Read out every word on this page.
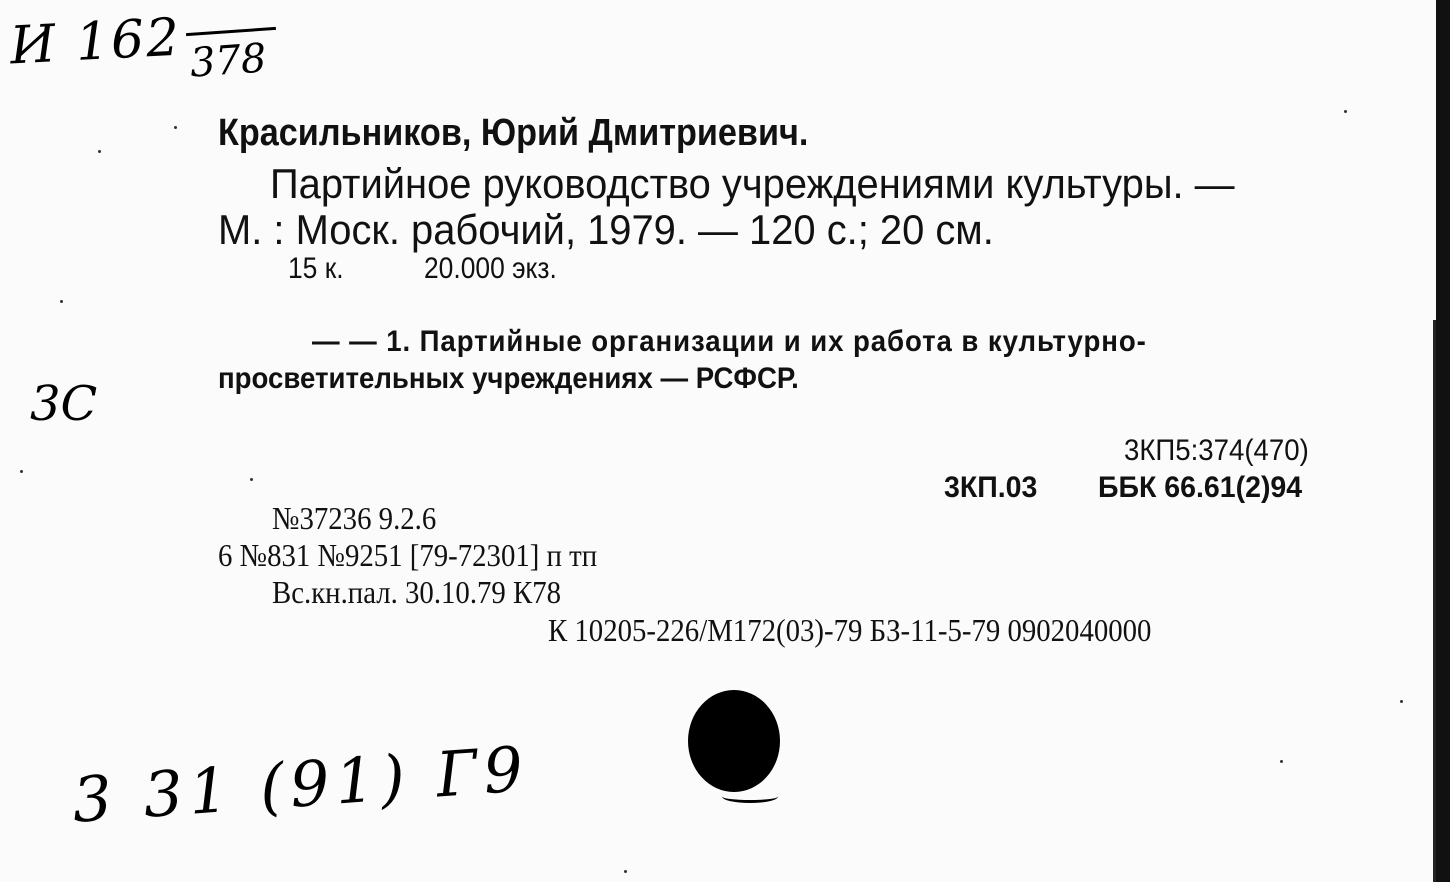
И 162 378
3С
3 31 (91) Г9
Красильников, Юрий Дмитриевич.
Партийное руководство учреждениями культуры. —
М. : Моск. рабочий, 1979. — 120 с.; 20 см.
15 к.	20.000 экз.
— — 1. Партийные организации и их работа в культурно-
просветительных учреждениях — РСФСР.
3КП5:374(470)
3КП.03 ББК 66.61(2)94
№37236 9.2.6
6 №831 №9251 [79-72301] п тп
Вс.кн.пал. 30.10.79 К78
К 10205-226/М172(03)-79 БЗ-11-5-79 0902040000
